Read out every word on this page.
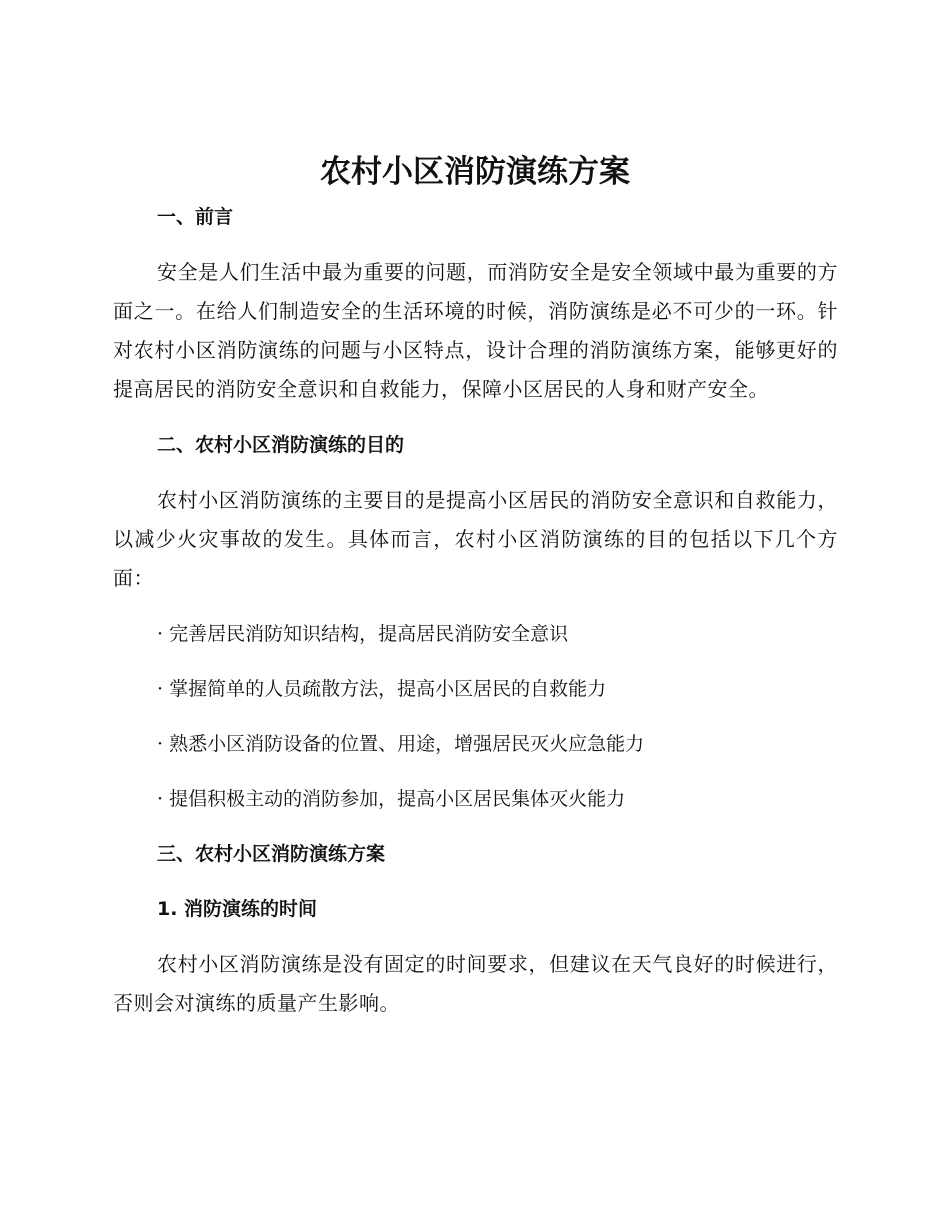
农村小区消防演练方案
一、前言

安全是人们生活中最为重要的问题，而消防安全是安全领域中最为重要的方面之一。在给人们制造安全的生活环境的时候，消防演练是必不可少的一环。针对农村小区消防演练的问题与小区特点，设计合理的消防演练方案，能够更好的提高居民的消防安全意识和自救能力，保障小区居民的人身和财产安全。

二、农村小区消防演练的目的

农村小区消防演练的主要目的是提高小区居民的消防安全意识和自救能力，以减少火灾事故的发生。具体而言，农村小区消防演练的目的包括以下几个方面：

· 完善居民消防知识结构，提高居民消防安全意识
· 掌握简单的人员疏散方法，提高小区居民的自救能力
· 熟悉小区消防设备的位置、用途，增强居民灭火应急能力
· 提倡积极主动的消防参加，提高小区居民集体灭火能力
三、农村小区消防演练方案
1. 消防演练的时间

农村小区消防演练是没有固定的时间要求，但建议在天气良好的时候进行，否则会对演练的质量产生影响。
